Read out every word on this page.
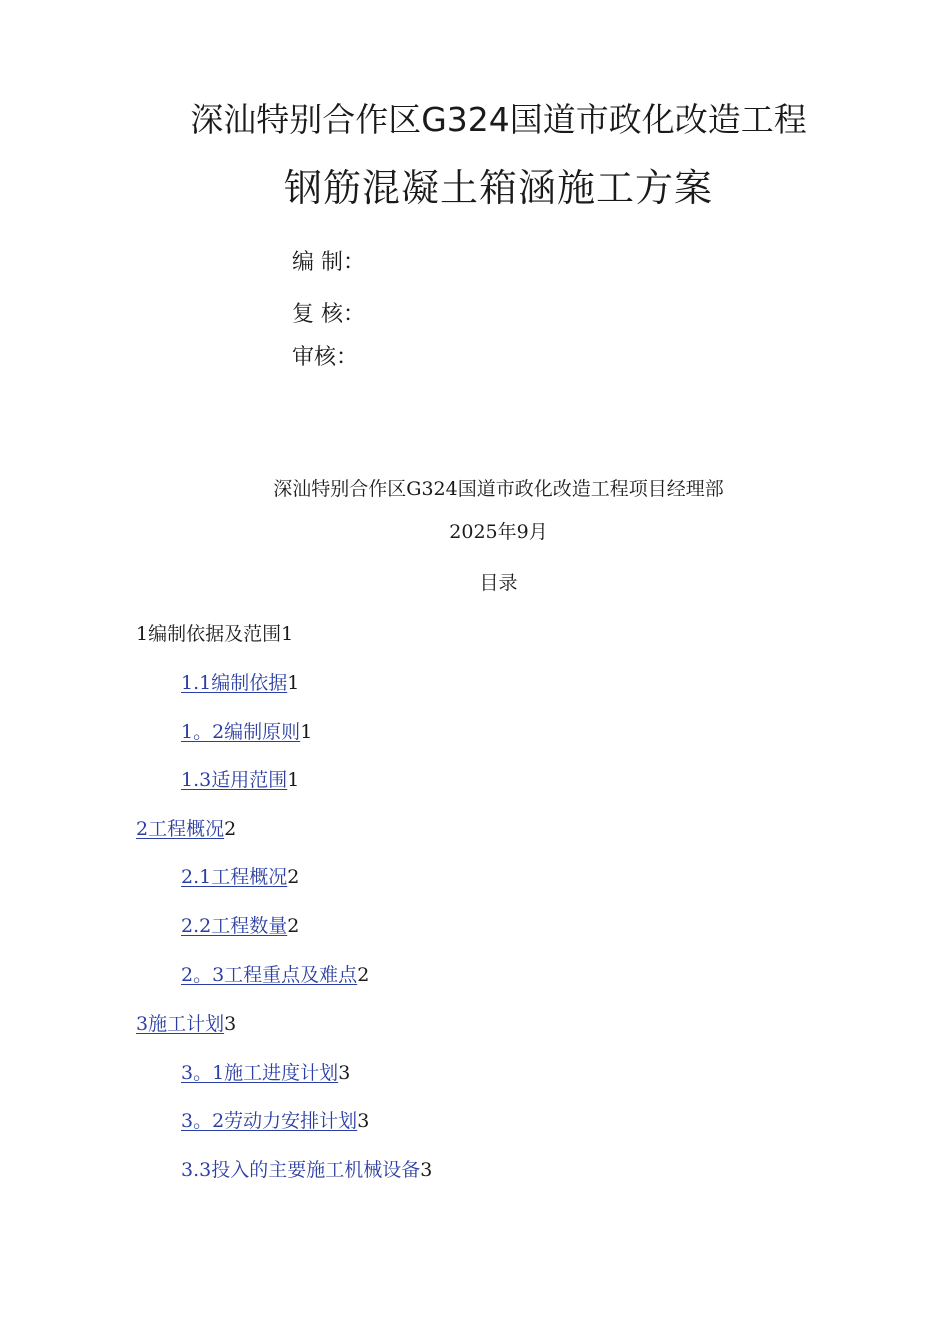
深汕特别合作区G324国道市政化改造工程
钢筋混凝土箱涵施工方案
编 制：
复 核：
审核：
深汕特别合作区G324国道市政化改造工程项目经理部
2025年9月
目录
1编制依据及范围1
1.1编制依据1
1。2编制原则1
1.3适用范围1
2工程概况2
2.1工程概况2
2.2工程数量2
2。3工程重点及难点2
3施工计划3
3。1施工进度计划3
3。2劳动力安排计划3
3.3投入的主要施工机械设备3
